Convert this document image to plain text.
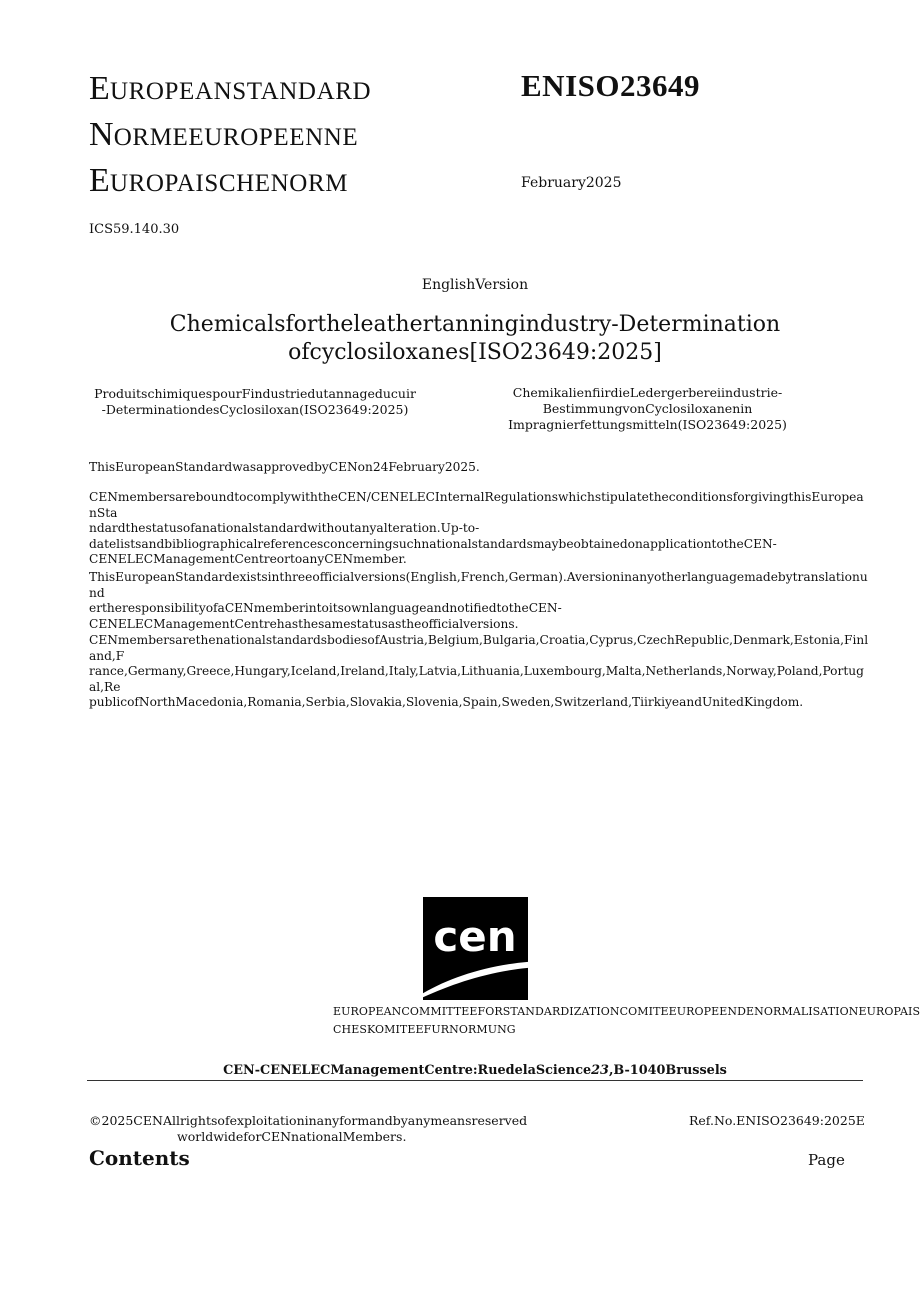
EUROPEANSTANDARD
NORMEEUROPEENNE
EUROPAISCHENORM
ENISO23649
February2025
ICS59.140.30
EnglishVersion
Chemicalsfortheleathertanningindustry-Determination
ofcyclosiloxanes[ISO23649:2025]
ProduitschimiquespourFindustriedutannageducuir
-DeterminationdesCyclosiloxan(ISO23649:2025)
ChemikalienfiirdieLedergerbereiindustrie-
BestimmungvonCyclosiloxanenin
Impragnierfettungsmitteln(ISO23649:2025)
ThisEuropeanStandardwasapprovedbyCENon24February2025.
CENmembersareboundtocomplywiththeCEN/CENELECInternalRegulationswhichstipulatetheconditionsforgivingthisEuropeanSta
ndardthestatusofanationalstandardwithoutanyalteration.Up-to-
datelistsandbibliographicalreferencesconcerningsuchnationalstandardsmaybeobtainedonapplicationtotheCEN-
CENELECManagementCentreortoanyCENmember.
ThisEuropeanStandardexistsinthreeofficialversions(English,French,German).Aversioninanyotherlanguagemadebytranslationund
ertheresponsibilityofaCENmemberintoitsownlanguageandnotifiedtotheCEN-
CENELECManagementCentrehasthesamestatusastheofficialversions.
CENmembersarethenationalstandardsbodiesofAustria,Belgium,Bulgaria,Croatia,Cyprus,CzechRepublic,Denmark,Estonia,Finland,F
rance,Germany,Greece,Hungary,Iceland,Ireland,Italy,Latvia,Lithuania,Luxembourg,Malta,Netherlands,Norway,Poland,Portugal,Re
publicofNorthMacedonia,Romania,Serbia,Slovakia,Slovenia,Spain,Sweden,Switzerland,TiirkiyeandUnitedKingdom.
cen
EUROPEANCOMMITTEEFORSTANDARDIZATIONCOMITEEUROPEENDENORMALISATIONEUROPAIS
CHESKOMITEEFURNORMUNG
CEN-CENELECManagementCentre:RuedelaScience23,B-1040Brussels
©2025CENAllrightsofexploitationinanyformandbyanymeansreserved
worldwideforCENnationalMembers.
Ref.No.ENISO23649:2025E
Contents	Page
